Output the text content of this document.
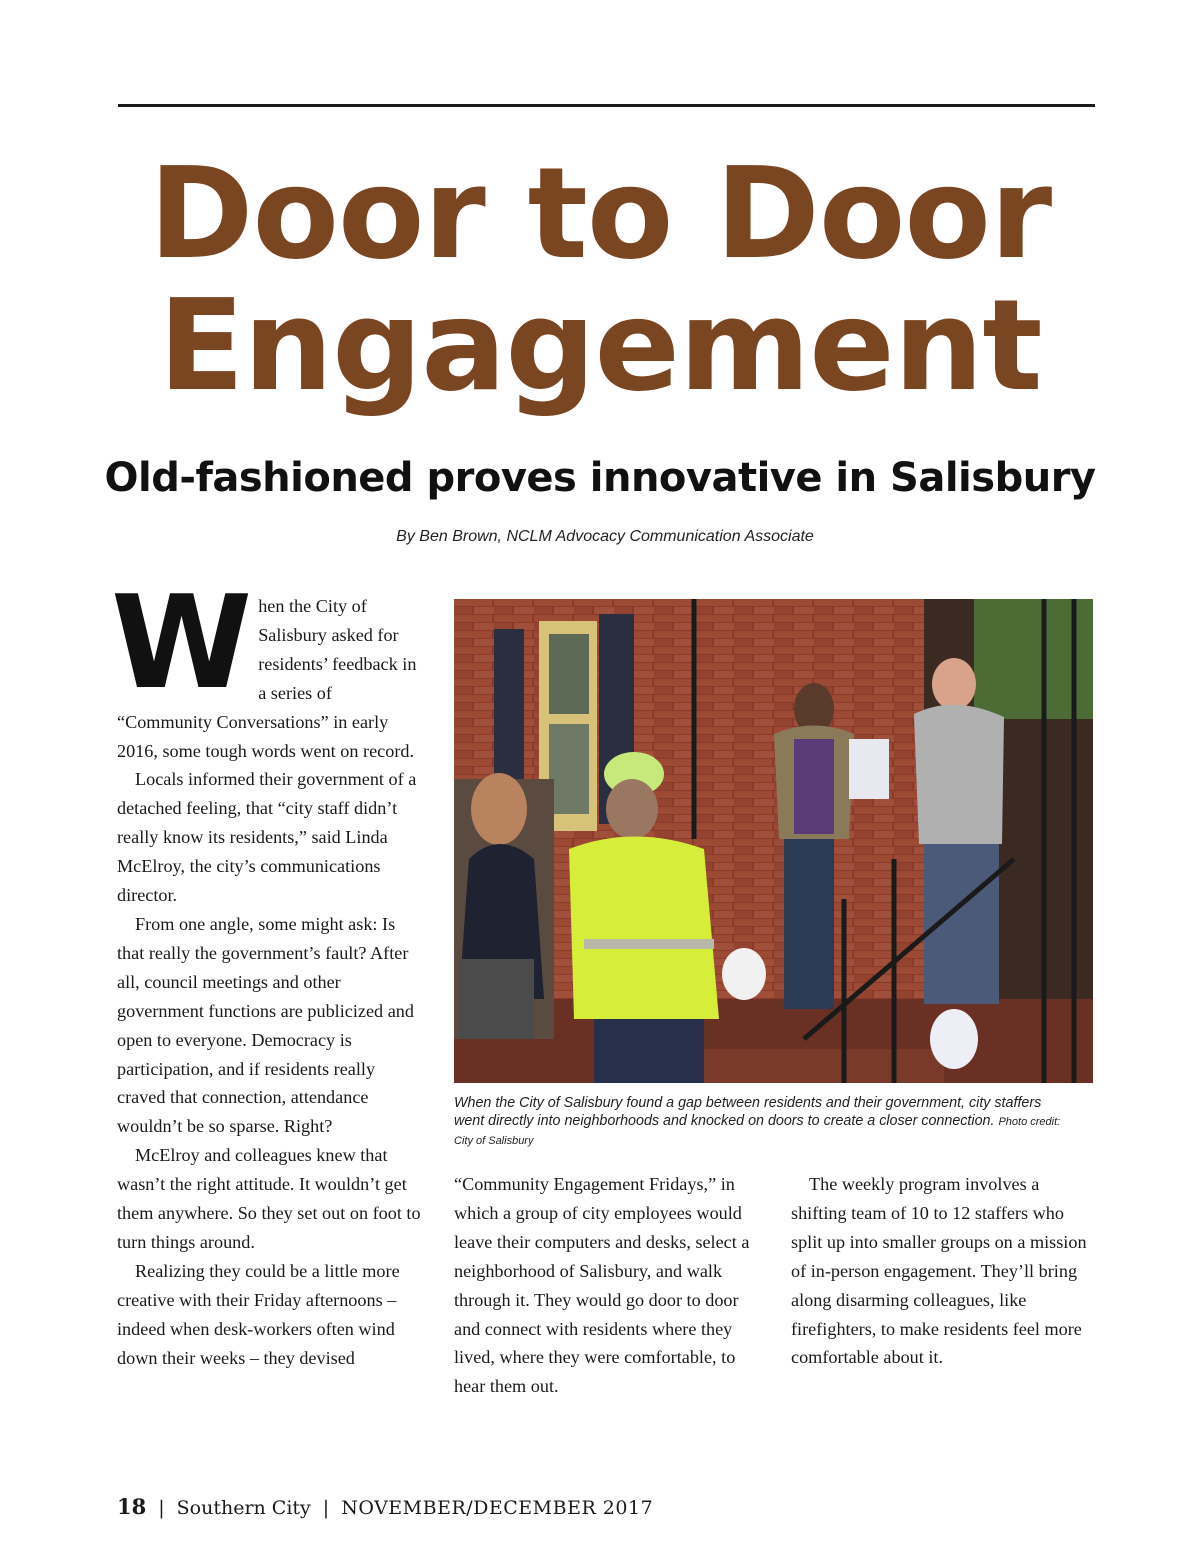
Door to Door
Engagement
Old-fashioned proves innovative in Salisbury
By Ben Brown, NCLM Advocacy Communication Associate

When the City of Salisbury asked for residents’ feedback in a series of “Community Conversations” in early 2016, some tough words went on record.

Locals informed their government of a detached feeling, that “city staff didn’t really know its residents,” said Linda McElroy, the city’s communications director.

From one angle, some might ask: Is that really the government’s fault? After all, council meetings and other government functions are publicized and open to everyone. Democracy is participation, and if residents really craved that connection, attendance wouldn’t be so sparse. Right?

McElroy and colleagues knew that wasn’t the right attitude. It wouldn’t get them anywhere. So they set out on foot to turn things around.

Realizing they could be a little more creative with their Friday afternoons – indeed when desk-workers often wind down their weeks – they devised

When the City of Salisbury found a gap between residents and their government, city staffers went directly into neighborhoods and knocked on doors to create a closer connection. Photo credit: City of Salisbury

“Community Engagement Fridays,” in which a group of city employees would leave their computers and desks, select a neighborhood of Salisbury, and walk through it. They would go door to door and connect with residents where they lived, where they were comfortable, to hear them out.

The weekly program involves a shifting team of 10 to 12 staffers who split up into smaller groups on a mission of in-person engagement. They’ll bring along disarming colleagues, like firefighters, to make residents feel more comfortable about it.

18 | Southern City | NOVEMBER/DECEMBER 2017
